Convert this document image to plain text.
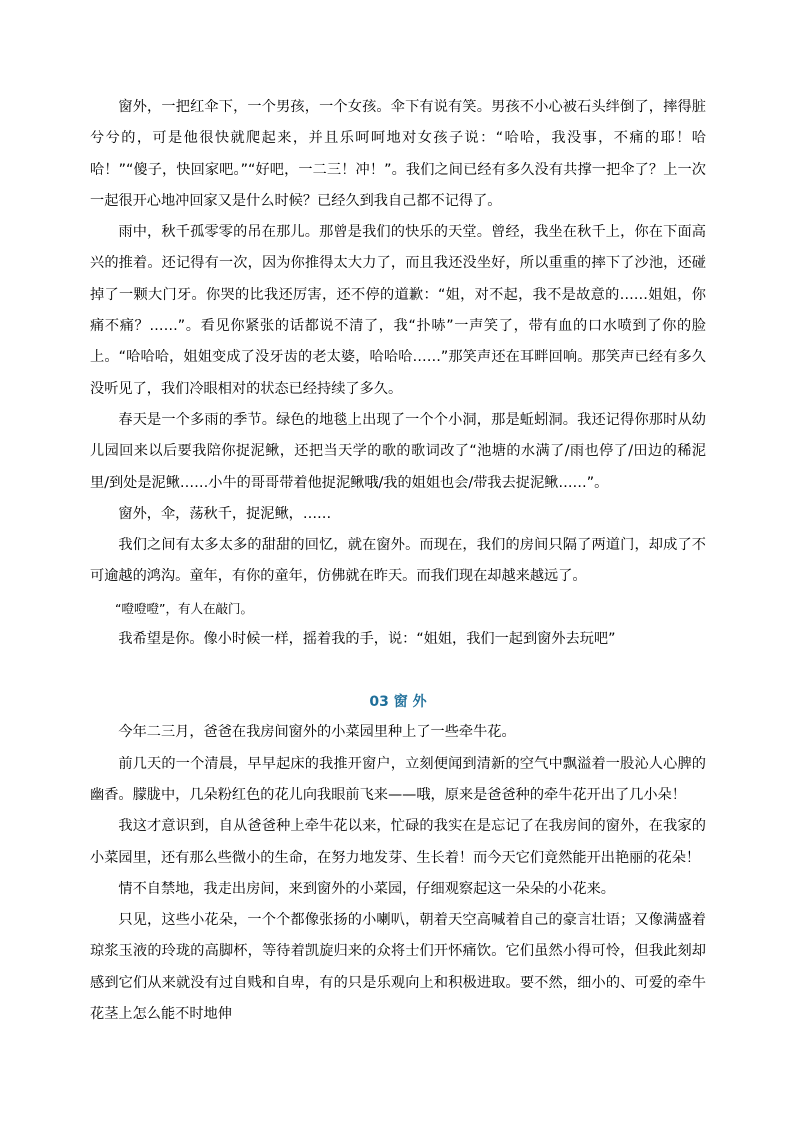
窗外，一把红伞下，一个男孩，一个女孩。伞下有说有笑。男孩不小心被石头绊倒了，摔得脏兮兮的，可是他很快就爬起来，并且乐呵呵地对女孩子说：“哈哈，我没事，不痛的耶！哈哈！”“傻子，快回家吧。”“好吧，一二三！冲！”。我们之间已经有多久没有共撑一把伞了？上一次一起很开心地冲回家又是什么时候？已经久到我自己都不记得了。

雨中，秋千孤零零的吊在那儿。那曾是我们的快乐的天堂。曾经，我坐在秋千上，你在下面高兴的推着。还记得有一次，因为你推得太大力了，而且我还没坐好，所以重重的摔下了沙池，还碰掉了一颗大门牙。你哭的比我还厉害，还不停的道歉：“姐，对不起，我不是故意的……姐姐，你痛不痛？……”。看见你紧张的话都说不清了，我“扑哧”一声笑了，带有血的口水喷到了你的脸上。“哈哈哈，姐姐变成了没牙齿的老太婆，哈哈哈……”那笑声还在耳畔回响。那笑声已经有多久没听见了，我们冷眼相对的状态已经持续了多久。

春天是一个多雨的季节。绿色的地毯上出现了一个个小洞，那是蚯蚓洞。我还记得你那时从幼儿园回来以后要我陪你捉泥鳅，还把当天学的歌的歌词改了“池塘的水满了/雨也停了/田边的稀泥里/到处是泥鳅……小牛的哥哥带着他捉泥鳅哦/我的姐姐也会/带我去捉泥鳅……”。

窗外，伞，荡秋千，捉泥鳅，……

我们之间有太多太多的甜甜的回忆，就在窗外。而现在，我们的房间只隔了两道门，却成了不可逾越的鸿沟。童年，有你的童年，仿佛就在昨天。而我们现在却越来越远了。

“噔噔噔”，有人在敲门。

我希望是你。像小时候一样，摇着我的手，说：“姐姐，我们一起到窗外去玩吧”

03 窗 外

今年二三月，爸爸在我房间窗外的小菜园里种上了一些牵牛花。

前几天的一个清晨，早早起床的我推开窗户，立刻便闻到清新的空气中飘溢着一股沁人心脾的幽香。朦胧中，几朵粉红色的花儿向我眼前飞来——哦，原来是爸爸种的牵牛花开出了几小朵！

我这才意识到，自从爸爸种上牵牛花以来，忙碌的我实在是忘记了在我房间的窗外，在我家的小菜园里，还有那么些微小的生命，在努力地发芽、生长着！而今天它们竟然能开出艳丽的花朵！

情不自禁地，我走出房间，来到窗外的小菜园，仔细观察起这一朵朵的小花来。

只见，这些小花朵，一个个都像张扬的小喇叭，朝着天空高喊着自己的豪言壮语；又像满盛着琼浆玉液的玲珑的高脚杯，等待着凯旋归来的众将士们开怀痛饮。它们虽然小得可怜，但我此刻却感到它们从来就没有过自贱和自卑，有的只是乐观向上和积极进取。要不然，细小的、可爱的牵牛花茎上怎么能不时地伸
